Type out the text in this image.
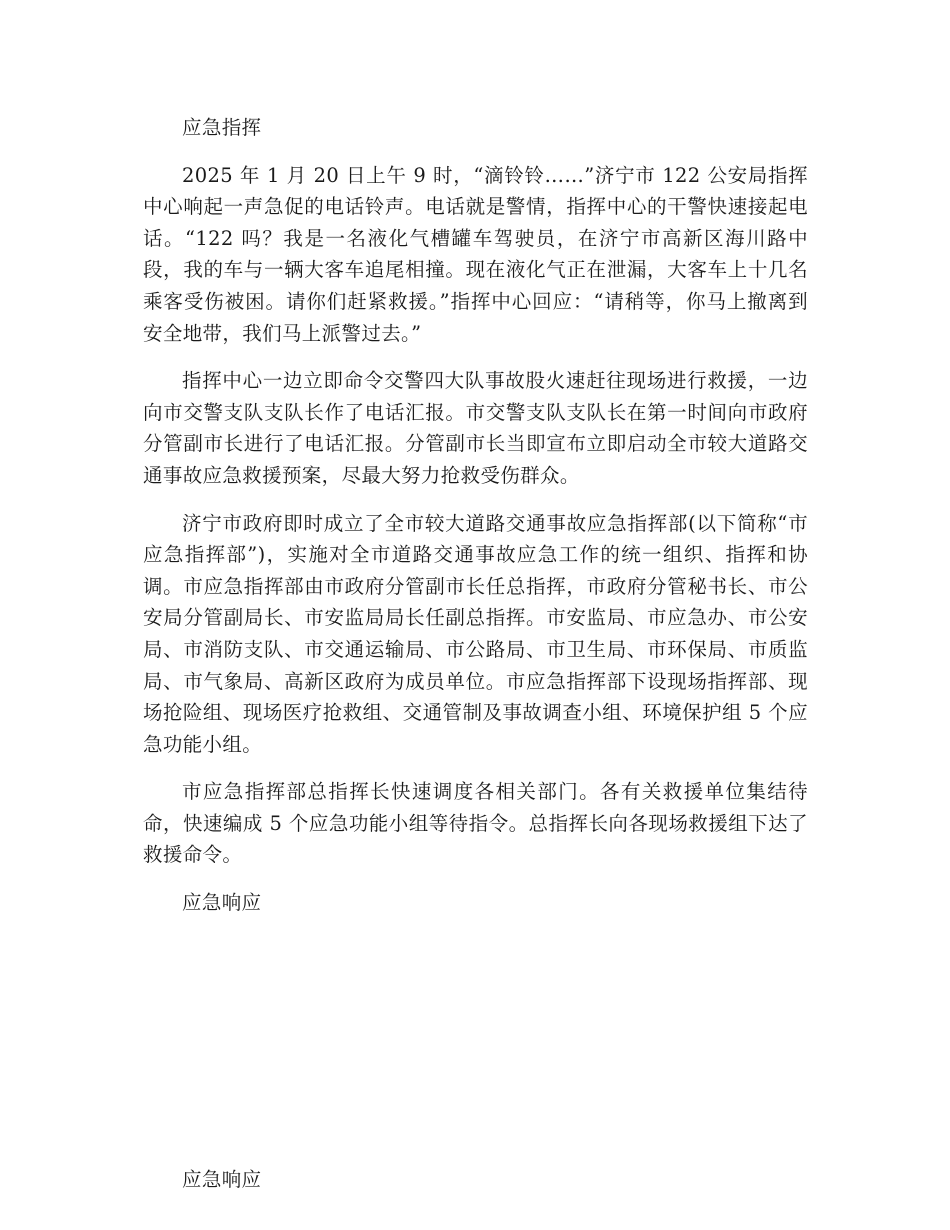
应急指挥

2025 年 1 月 20 日上午 9 时，“滴铃铃……”济宁市 122 公安局指挥中心响起一声急促的电话铃声。电话就是警情，指挥中心的干警快速接起电话。“122 吗？我是一名液化气槽罐车驾驶员，在济宁市高新区海川路中段，我的车与一辆大客车追尾相撞。现在液化气正在泄漏，大客车上十几名乘客受伤被困。请你们赶紧救援。”指挥中心回应：“请稍等，你马上撤离到安全地带，我们马上派警过去。”

指挥中心一边立即命令交警四大队事故股火速赶往现场进行救援，一边向市交警支队支队长作了电话汇报。市交警支队支队长在第一时间向市政府分管副市长进行了电话汇报。分管副市长当即宣布立即启动全市较大道路交通事故应急救援预案，尽最大努力抢救受伤群众。

济宁市政府即时成立了全市较大道路交通事故应急指挥部(以下简称“市应急指挥部”)，实施对全市道路交通事故应急工作的统一组织、指挥和协调。市应急指挥部由市政府分管副市长任总指挥，市政府分管秘书长、市公安局分管副局长、市安监局局长任副总指挥。市安监局、市应急办、市公安局、市消防支队、市交通运输局、市公路局、市卫生局、市环保局、市质监局、市气象局、高新区政府为成员单位。市应急指挥部下设现场指挥部、现场抢险组、现场医疗抢救组、交通管制及事故调查小组、环境保护组 5 个应急功能小组。

市应急指挥部总指挥长快速调度各相关部门。各有关救援单位集结待命，快速编成 5 个应急功能小组等待指令。总指挥长向各现场救援组下达了救援命令。

应急响应

应急响应
